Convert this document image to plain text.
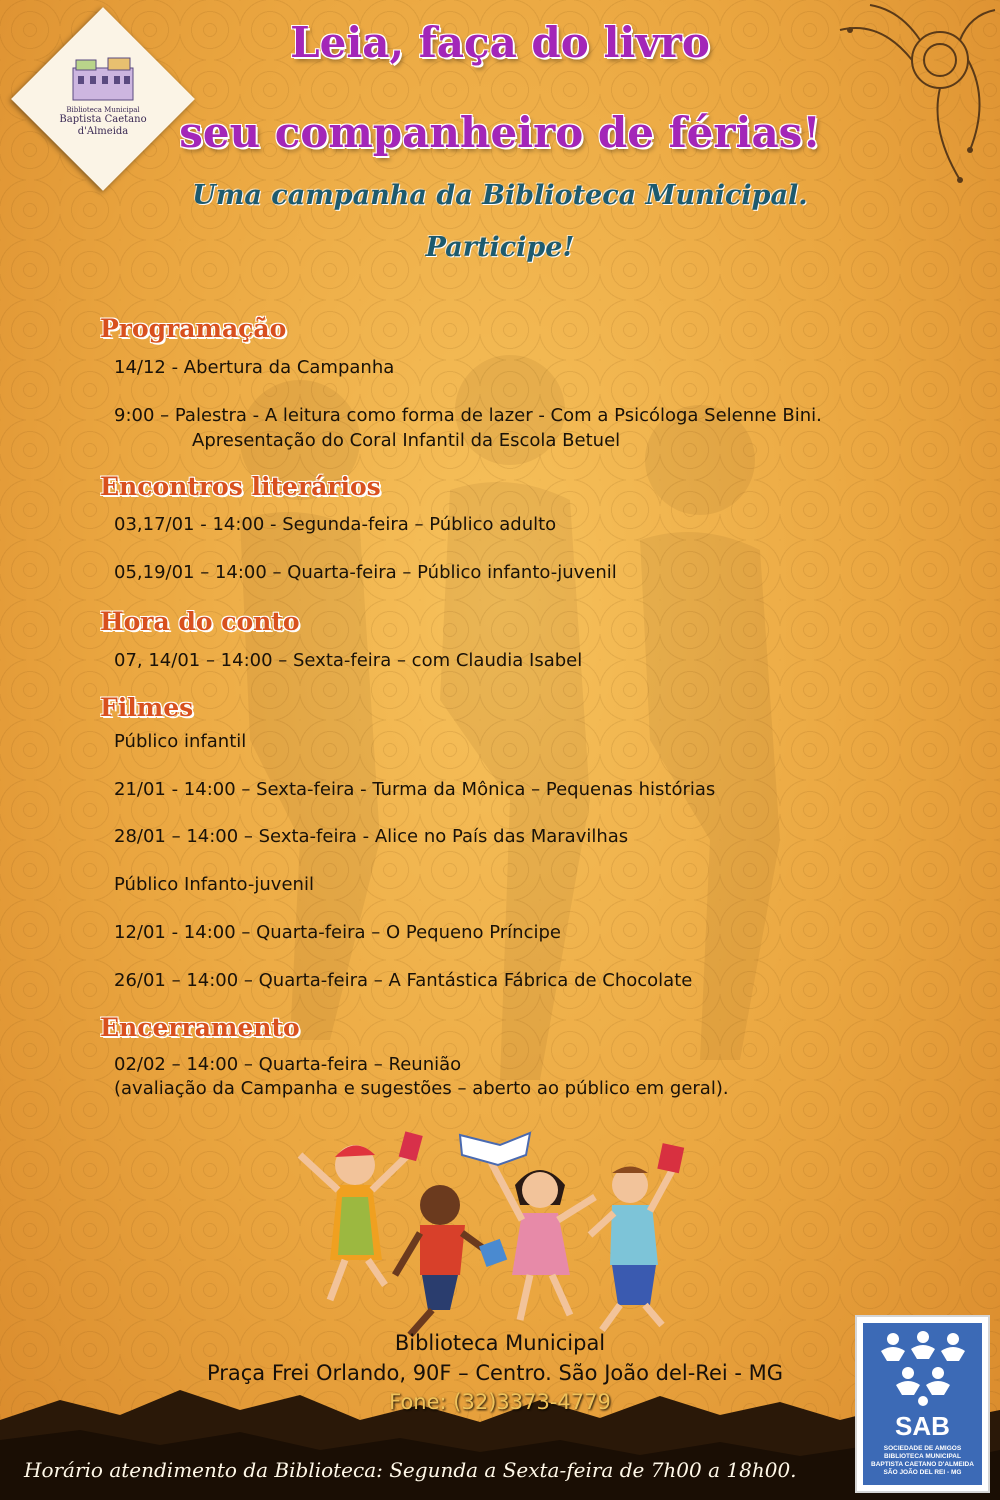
Biblioteca Municipal
Baptista Caetano d'Almeida
Leia, faça do livro
seu companheiro de férias!
Uma campanha da Biblioteca Municipal.
Participe!
Programação
14/12 - Abertura da Campanha
9:00 – Palestra - A leitura como forma de lazer - Com a Psicóloga Selenne Bini.
Apresentação do Coral Infantil da Escola Betuel
Encontros literários
03,17/01 - 14:00 - Segunda-feira – Público adulto
05,19/01 – 14:00 – Quarta-feira – Público infanto-juvenil
Hora do conto
07, 14/01 – 14:00 – Sexta-feira – com Claudia Isabel
Filmes
Público infantil
21/01 - 14:00 – Sexta-feira - Turma da Mônica – Pequenas histórias
28/01 – 14:00 – Sexta-feira - Alice no País das Maravilhas
Público Infanto-juvenil
12/01 - 14:00 – Quarta-feira – O Pequeno Príncipe
26/01 – 14:00 – Quarta-feira – A Fantástica Fábrica de Chocolate
Encerramento
02/02 – 14:00 – Quarta-feira – Reunião
(avaliação da Campanha e sugestões – aberto ao público em geral).
Biblioteca Municipal
Praça Frei Orlando, 90F – Centro. São João del-Rei - MG
Fone: (32)3373-4779
Horário atendimento da Biblioteca: Segunda a Sexta-feira de 7h00 a 18h00.
SAB
SOCIEDADE DE AMIGOS
BIBLIOTECA MUNICIPAL
BAPTISTA CAETANO D'ALMEIDA
SÃO JOÃO DEL REI - MG
